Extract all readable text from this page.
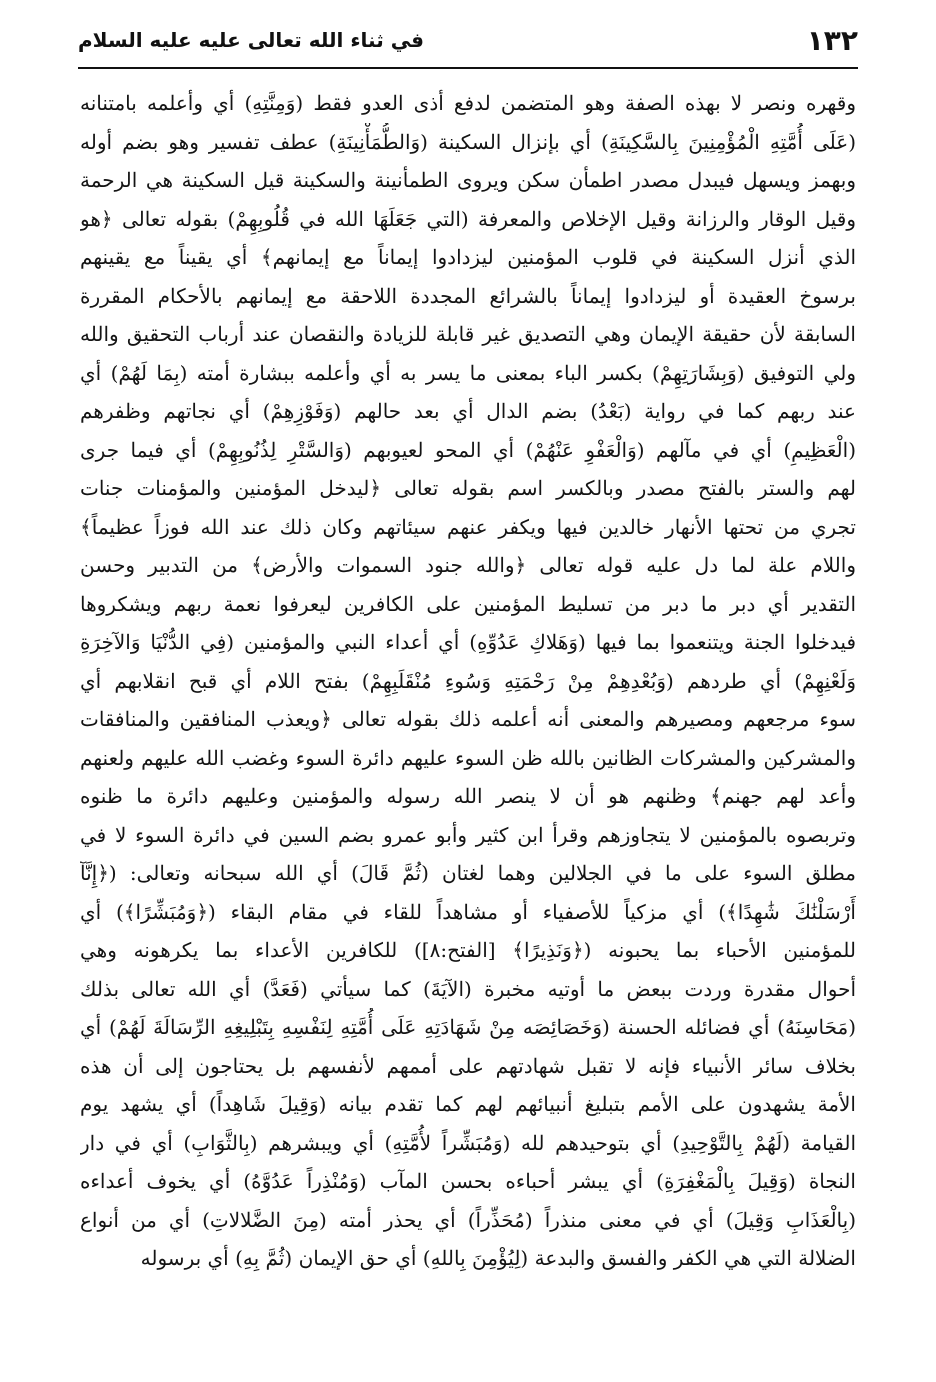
في ثناء الله تعالى عليه عليه السلام	١٣٢
وقهره ونصر لا بهذه الصفة وهو المتضمن لدفع أذى العدو فقط (وَمِنَّتِهِ) أي وأعلمه بامتنانه
(عَلَى أُمَّتِهِ الْمُؤْمِنِينَ بِالسَّكِينَةِ) أي بإنزال السكينة (وَالطُّمَأْنِينَةِ) عطف تفسير وهو بضم أوله
وبهمز ويسهل فيبدل مصدر اطمأن سكن ويروى الطمأنينة والسكينة قيل السكينة هي الرحمة
وقيل الوقار والرزانة وقيل الإخلاص والمعرفة (التي جَعَلَهَا الله في قُلُوبِهِمْ) بقوله تعالى ﴿هو
الذي أنزل السكينة في قلوب المؤمنين ليزدادوا إيماناً مع إيمانهم﴾ أي يقيناً مع يقينهم
برسوخ العقيدة أو ليزدادوا إيماناً بالشرائع المجددة اللاحقة مع إيمانهم بالأحكام المقررة
السابقة لأن حقيقة الإيمان وهي التصديق غير قابلة للزيادة والنقصان عند أرباب التحقيق والله
ولي التوفيق (وَبِشَارَتِهِمْ) بكسر الباء بمعنى ما يسر به أي وأعلمه ببشارة أمته (بِمَا لَهُمْ) أي
عند ربهم كما في رواية (بَعْدُ) بضم الدال أي بعد حالهم (وَفَوْزِهِمْ) أي نجاتهم وظفرهم
(الْعَظِيمِ) أي في مآلهم (وَالْعَفْوِ عَنْهُمْ) أي المحو لعيوبهم (وَالسَّتْرِ لِذُنُوبِهِمْ) أي فيما جرى
لهم والستر بالفتح مصدر وبالكسر اسم بقوله تعالى ﴿ليدخل المؤمنين والمؤمنات جنات
تجري من تحتها الأنهار خالدين فيها ويكفر عنهم سيئاتهم وكان ذلك عند الله فوزاً عظيماً﴾
واللام علة لما دل عليه قوله تعالى ﴿والله جنود السموات والأرض﴾ من التدبير وحسن
التقدير أي دبر ما دبر من تسليط المؤمنين على الكافرين ليعرفوا نعمة ربهم ويشكروها
فيدخلوا الجنة ويتنعموا بما فيها (وَهَلاكِ عَدُوِّهِ) أي أعداء النبي والمؤمنين (فِي الدُّنْيَا وَالآخِرَةِ
وَلَعْنِهِمْ) أي طردهم (وَبُعْدِهِمْ مِنْ رَحْمَتِهِ وَسُوءِ مُنْقَلَبِهِمْ) بفتح اللام أي قبح انقلابهم أي
سوء مرجعهم ومصيرهم والمعنى أنه أعلمه ذلك بقوله تعالى ﴿ويعذب المنافقين والمنافقات
والمشركين والمشركات الظانين بالله ظن السوء عليهم دائرة السوء وغضب الله عليهم ولعنهم
وأعد لهم جهنم﴾ وظنهم هو أن لا ينصر الله رسوله والمؤمنين وعليهم دائرة ما ظنوه
وتربصوه بالمؤمنين لا يتجاوزهم وقرأ ابن كثير وأبو عمرو بضم السين في دائرة السوء لا في
مطلق السوء على ما في الجلالين وهما لغتان (ثُمَّ قَالَ) أي الله سبحانه وتعالى: (﴿إِنَّآ
أَرْسَلْنَٰكَ شَٰهِدًا﴾) أي مزكياً للأصفياء أو مشاهداً للقاء في مقام البقاء (﴿وَمُبَشِّرًا﴾) أي
للمؤمنين الأحباء بما يحبونه (﴿وَنَذِيرًا﴾ [الفتح:٨]) للكافرين الأعداء بما يكرهونه وهي
أحوال مقدرة وردت ببعض ما أوتيه مخبرة (الآيَةَ) كما سيأتي (فَعَدَّ) أي الله تعالى بذلك
(مَحَاسِنَهُ) أي فضائله الحسنة (وَخَصَائِصَه مِنْ شَهَادَتِهِ عَلَى أُمَّتِهِ لِنَفْسِهِ بِتَبْلِيغِهِ الرِّسَالَةَ لَهُمْ) أي
بخلاف سائر الأنبياء فإنه لا تقبل شهادتهم على أممهم لأنفسهم بل يحتاجون إلى أن هذه
الأمة يشهدون على الأمم بتبليغ أنبيائهم لهم كما تقدم بيانه (وَقِيلَ شَاهِداً) أي يشهد يوم
القيامة (لَهُمْ بِالتَّوْحِيدِ) أي بتوحيدهم لله (وَمُبَشِّراً لأُمَّتِهِ) أي ويبشرهم (بِالثَّوَابِ) أي في دار
النجاة (وَقِيلَ بِالْمَغْفِرَةِ) أي يبشر أحباءه بحسن المآب (وَمُنْذِراً عَدُوَّهُ) أي يخوف أعداءه
(بِالْعَذَابِ وَقِيلَ) أي في معنى منذراً (مُحَذِّراً) أي يحذر أمته (مِنَ الضَّلالاتِ) أي من أنواع
الضلالة التي هي الكفر والفسق والبدعة (لِيُؤْمِنَ بِاللهِ) أي حق الإيمان (ثُمَّ بِهِ) أي برسوله
